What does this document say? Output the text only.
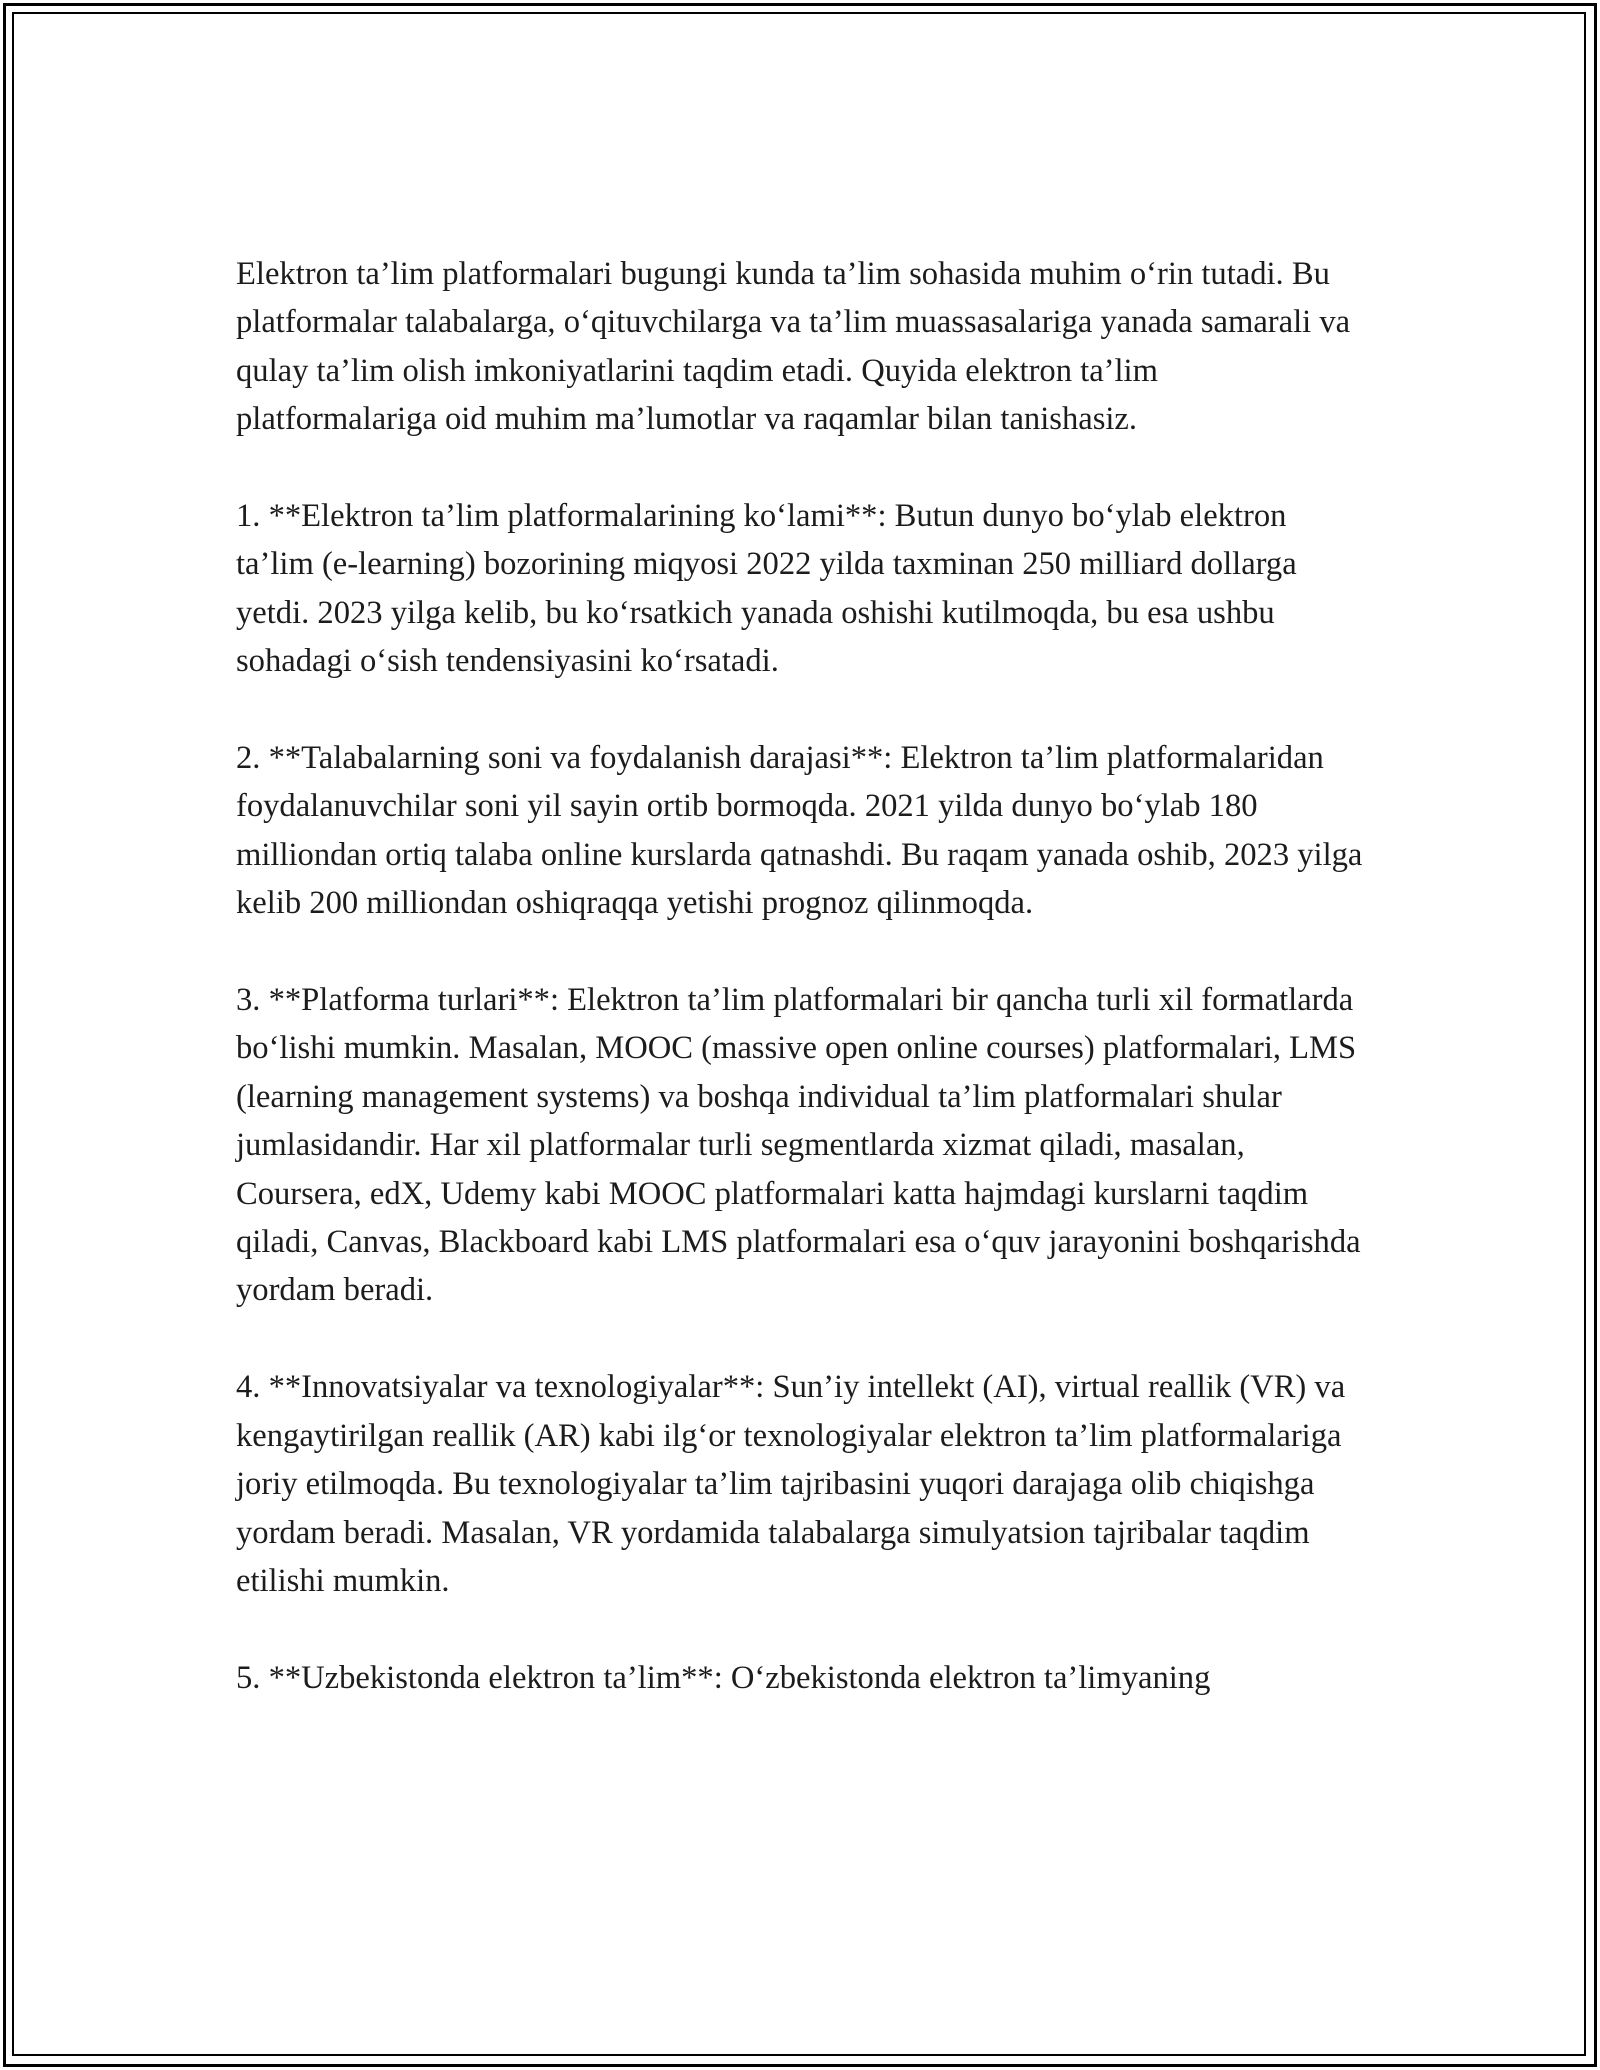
Elektron ta’lim platformalari bugungi kunda ta’lim sohasida muhim o‘rin tutadi. Bu platformalar talabalarga, o‘qituvchilarga va ta’lim muassasalariga yanada samarali va qulay ta’lim olish imkoniyatlarini taqdim etadi. Quyida elektron ta’lim platformalariga oid muhim ma’lumotlar va raqamlar bilan tanishasiz.

1. **Elektron ta’lim platformalarining ko‘lami**: Butun dunyo bo‘ylab elektron ta’lim (e-learning) bozorining miqyosi 2022 yilda taxminan 250 milliard dollarga yetdi. 2023 yilga kelib, bu ko‘rsatkich yanada oshishi kutilmoqda, bu esa ushbu sohadagi o‘sish tendensiyasini ko‘rsatadi.

2. **Talabalarning soni va foydalanish darajasi**: Elektron ta’lim platformalaridan foydalanuvchilar soni yil sayin ortib bormoqda. 2021 yilda dunyo bo‘ylab 180 milliondan ortiq talaba online kurslarda qatnashdi. Bu raqam yanada oshib, 2023 yilga kelib 200 milliondan oshiqraqqa yetishi prognoz qilinmoqda.

3. **Platforma turlari**: Elektron ta’lim platformalari bir qancha turli xil formatlarda bo‘lishi mumkin. Masalan, MOOC (massive open online courses) platformalari, LMS (learning management systems) va boshqa individual ta’lim platformalari shular jumlasidandir. Har xil platformalar turli segmentlarda xizmat qiladi, masalan, Coursera, edX, Udemy kabi MOOC platformalari katta hajmdagi kurslarni taqdim qiladi, Canvas, Blackboard kabi LMS platformalari esa o‘quv jarayonini boshqarishda yordam beradi.

4. **Innovatsiyalar va texnologiyalar**: Sun’iy intellekt (AI), virtual reallik (VR) va kengaytirilgan reallik (AR) kabi ilg‘or texnologiyalar elektron ta’lim platformalariga joriy etilmoqda. Bu texnologiyalar ta’lim tajribasini yuqori darajaga olib chiqishga yordam beradi. Masalan, VR yordamida talabalarga simulyatsion tajribalar taqdim etilishi mumkin.

5. **Uzbekistonda elektron ta’lim**: O‘zbekistonda elektron ta’limyaning
